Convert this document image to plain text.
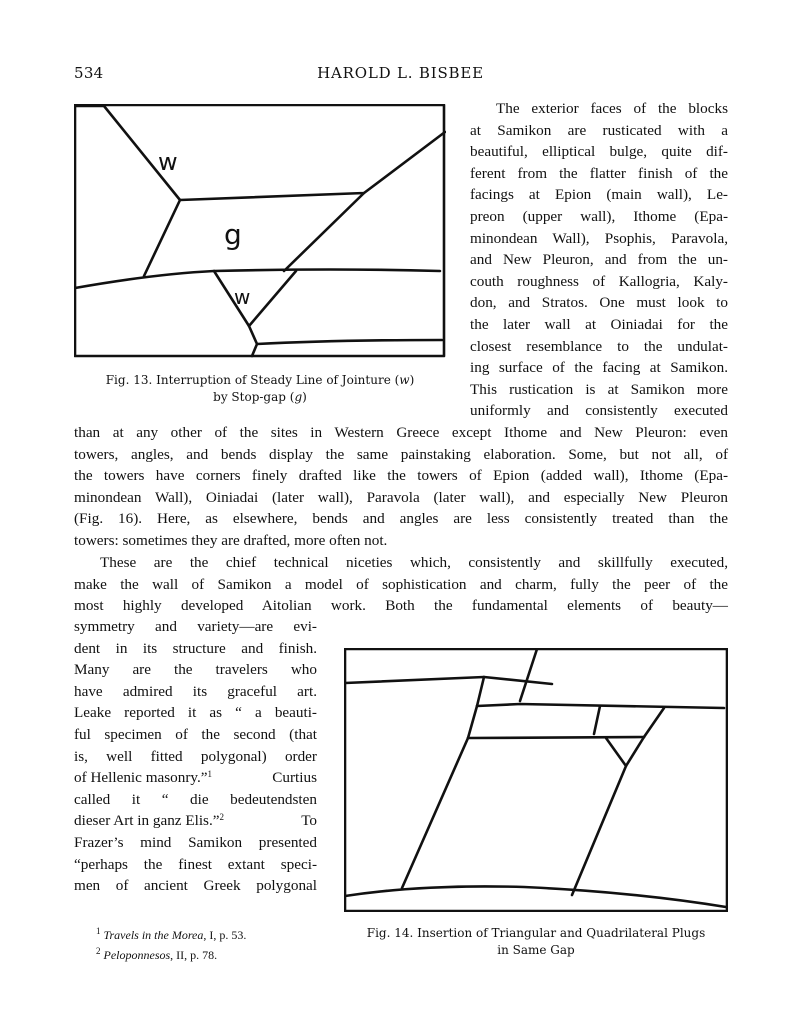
534	HAROLD L. BISBEE
w
g
w
Fig. 13. Interruption of Steady Line of Jointure (w)
by Stop-gap (g)
The exterior faces of the blocks
at Samikon are rusticated with a
beautiful, elliptical bulge, quite dif-
ferent from the flatter finish of the
facings at Epion (main wall), Le-
preon (upper wall), Ithome (Epa-
minondean Wall), Psophis, Paravola,
and New Pleuron, and from the un-
couth roughness of Kallogria, Kaly-
don, and Stratos. One must look to
the later wall at Oiniadai for the
closest resemblance to the undulat-
ing surface of the facing at Samikon.
This rustication is at Samikon more
uniformly and consistently executed
than at any other of the sites in Western Greece except Ithome and New Pleuron: even
towers, angles, and bends display the same painstaking elaboration. Some, but not all, of
the towers have corners finely drafted like the towers of Epion (added wall), Ithome (Epa-
minondean Wall), Oiniadai (later wall), Paravola (later wall), and especially New Pleuron
(Fig. 16). Here, as elsewhere, bends and angles are less consistently treated than the
towers: sometimes they are drafted, more often not.
These are the chief technical niceties which, consistently and skillfully executed,
make the wall of Samikon a model of sophistication and charm, fully the peer of the
most highly developed Aitolian work. Both the fundamental elements of beauty—
symmetry and variety—are evi-
dent in its structure and finish.
Many are the travelers who
have admired its graceful art.
Leake reported it as “ a beauti-
ful specimen of the second (that
is, well fitted polygonal) order
of Hellenic masonry.”$^1$	Curtius
called it “ die bedeutendsten
dieser Art in ganz Elis.”$^2$	To
Frazer’s mind Samikon presented
“perhaps the finest extant speci-
men of ancient Greek polygonal
Fig. 14. Insertion of Triangular and Quadrilateral Plugs
in Same Gap
$^1$ Travels in the Morea, I, p. 53.
$^2$ Peloponnesos, II, p. 78.
